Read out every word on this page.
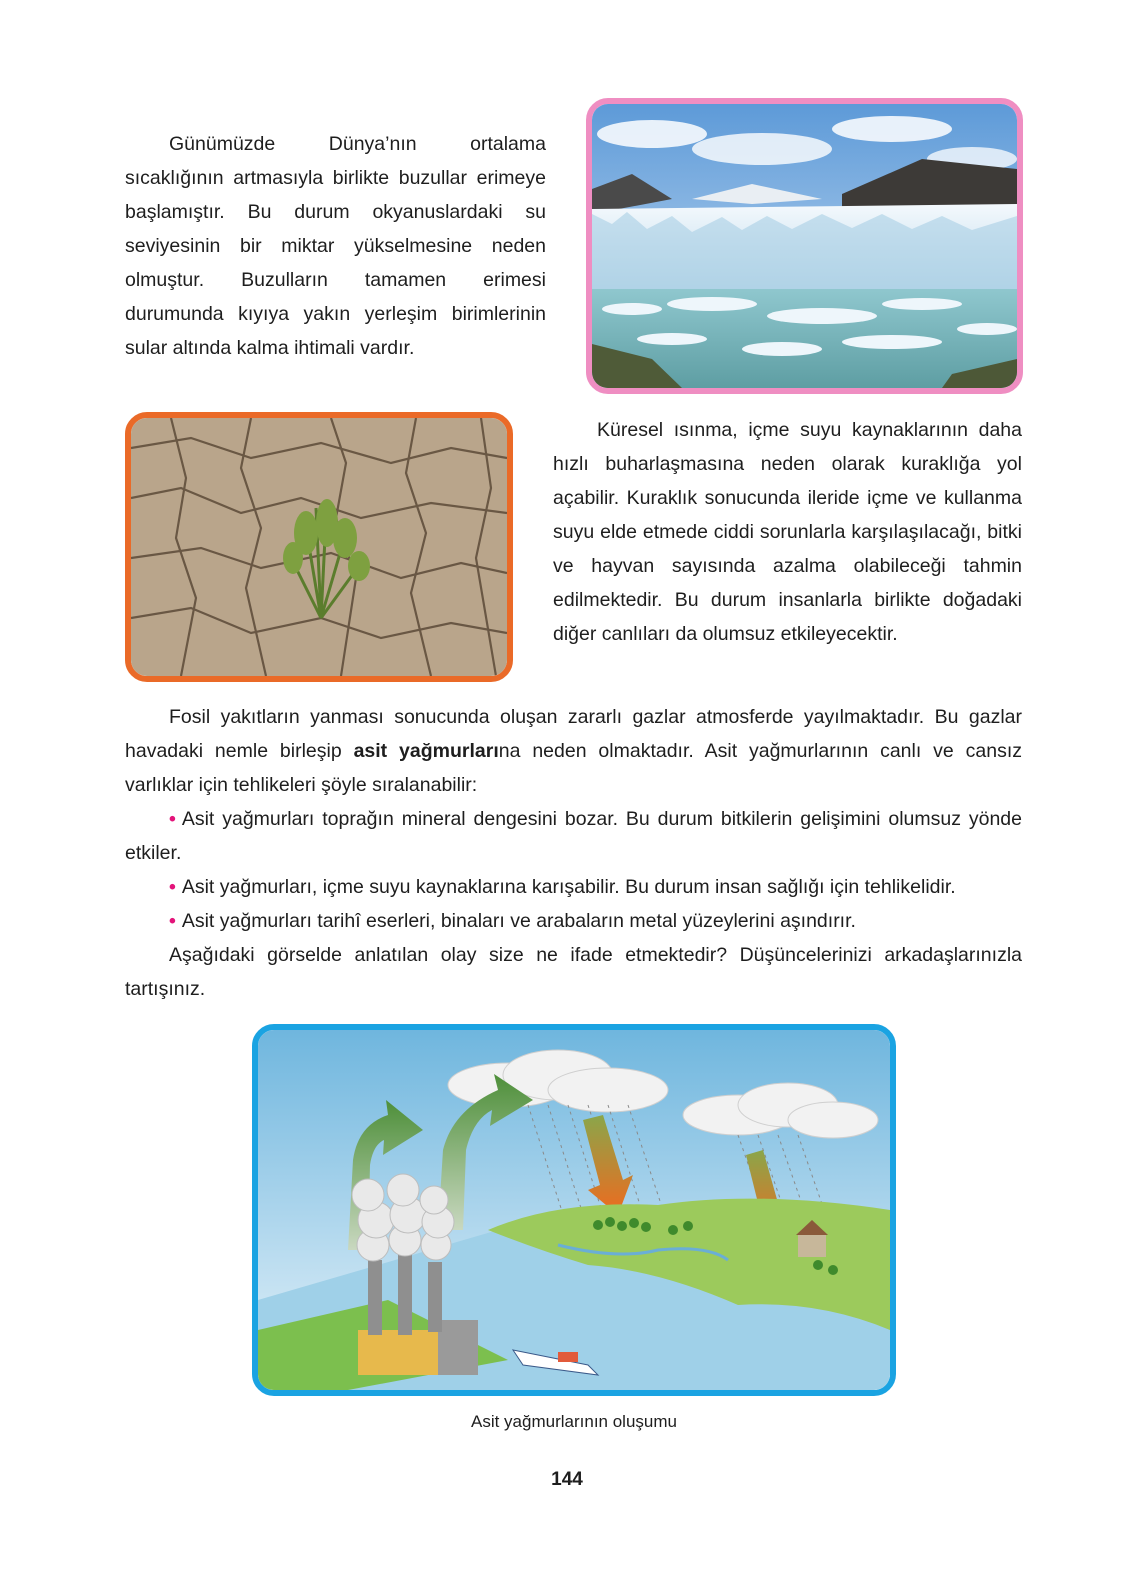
Günümüzde Dünya’nın ortalama sıcaklığının artmasıyla birlikte buzullar erimeye başlamıştır. Bu durum okyanuslardaki su seviyesinin bir miktar yükselmesine neden olmuştur. Buzulların tamamen erimesi durumunda kıyıya yakın yerleşim birimlerinin sular altında kalma ihtimali vardır.

Küresel ısınma, içme suyu kaynaklarının daha hızlı buharlaşmasına neden olarak kuraklığa yol açabilir. Kuraklık sonucunda ileride içme ve kullanma suyu elde etmede ciddi sorunlarla karşılaşılacağı, bitki ve hayvan sayısında azalma olabileceği tahmin edilmektedir. Bu durum insanlarla birlikte doğadaki diğer canlıları da olumsuz etkileyecektir.

Fosil yakıtların yanması sonucunda oluşan zararlı gazlar atmosferde yayılmaktadır. Bu gazlar havadaki nemle birleşip asit yağmurlarına neden olmaktadır. Asit yağmurlarının canlı ve cansız varlıklar için tehlikeleri şöyle sıralanabilir:

• Asit yağmurları toprağın mineral dengesini bozar. Bu durum bitkilerin gelişimini olumsuz yönde etkiler.

• Asit yağmurları, içme suyu kaynaklarına karışabilir. Bu durum insan sağlığı için tehlikelidir.

• Asit yağmurları tarihî eserleri, binaları ve arabaların metal yüzeylerini aşındırır.

Aşağıdaki görselde anlatılan olay size ne ifade etmektedir? Düşüncelerinizi arkadaşlarınızla tartışınız.

Asit yağmurlarının oluşumu
144
